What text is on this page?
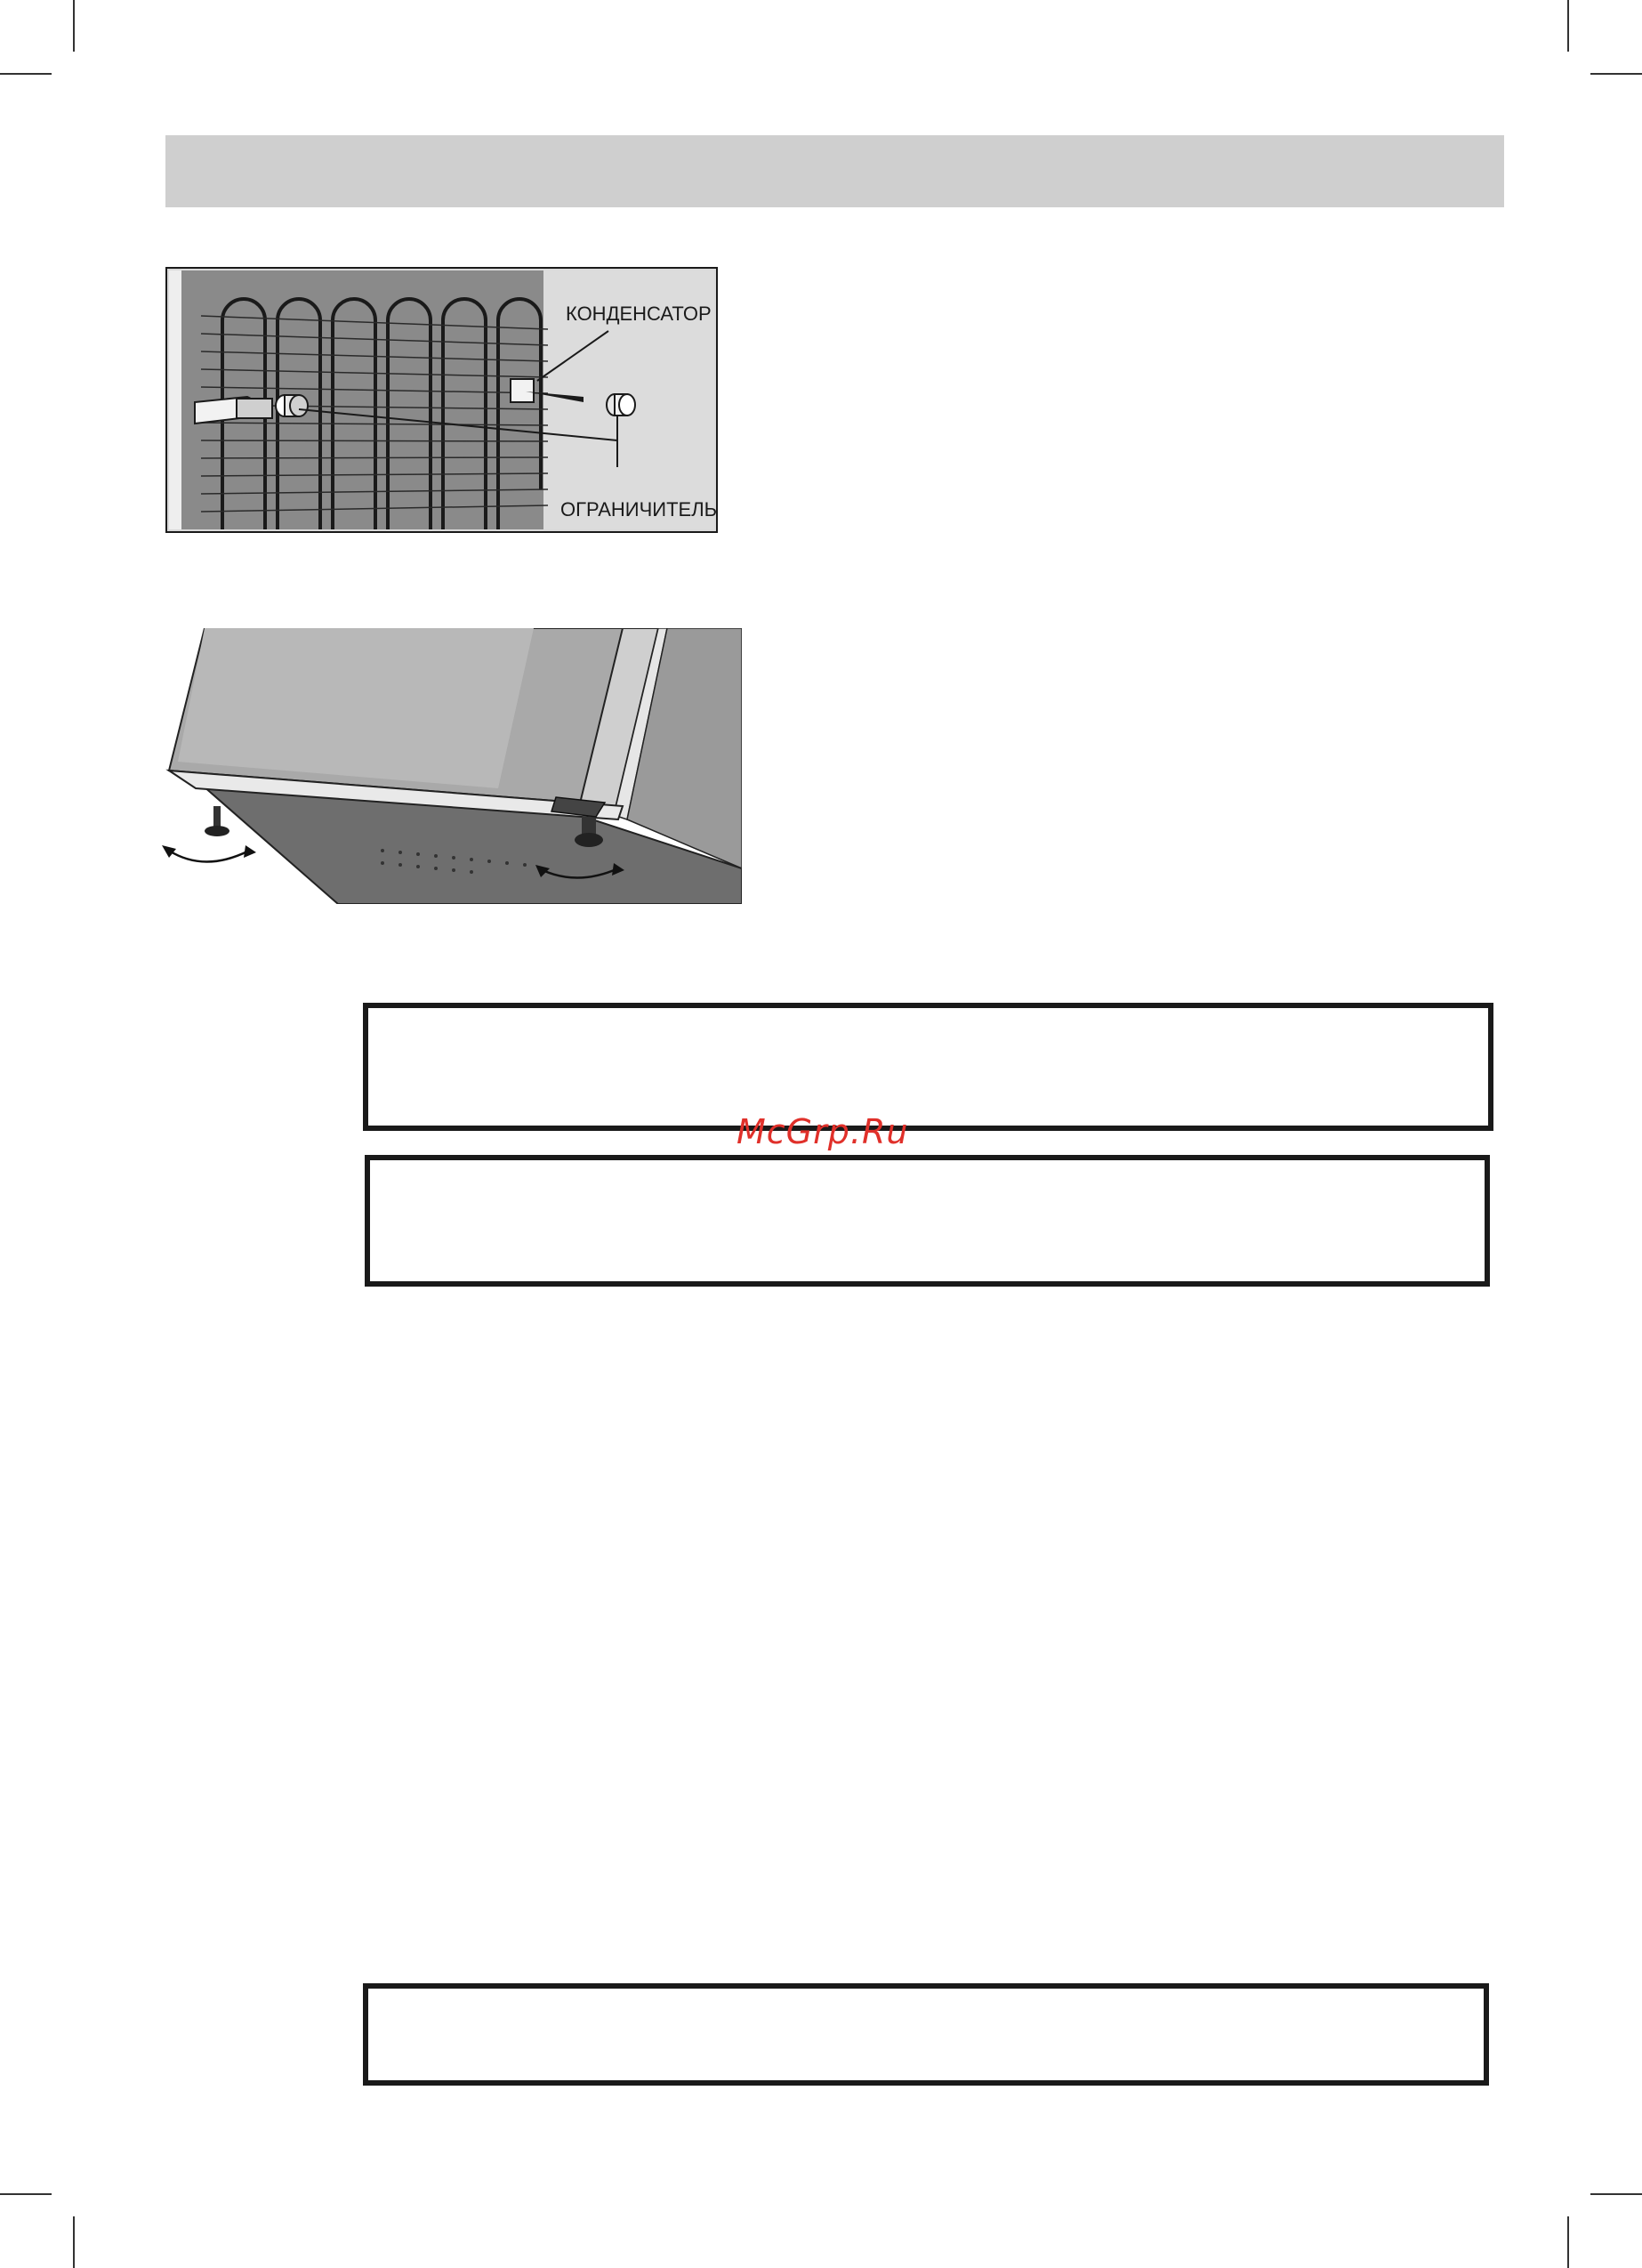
КОНДЕНСАТОР
ОГРАНИЧИТЕЛЬ
McGrp.Ru
